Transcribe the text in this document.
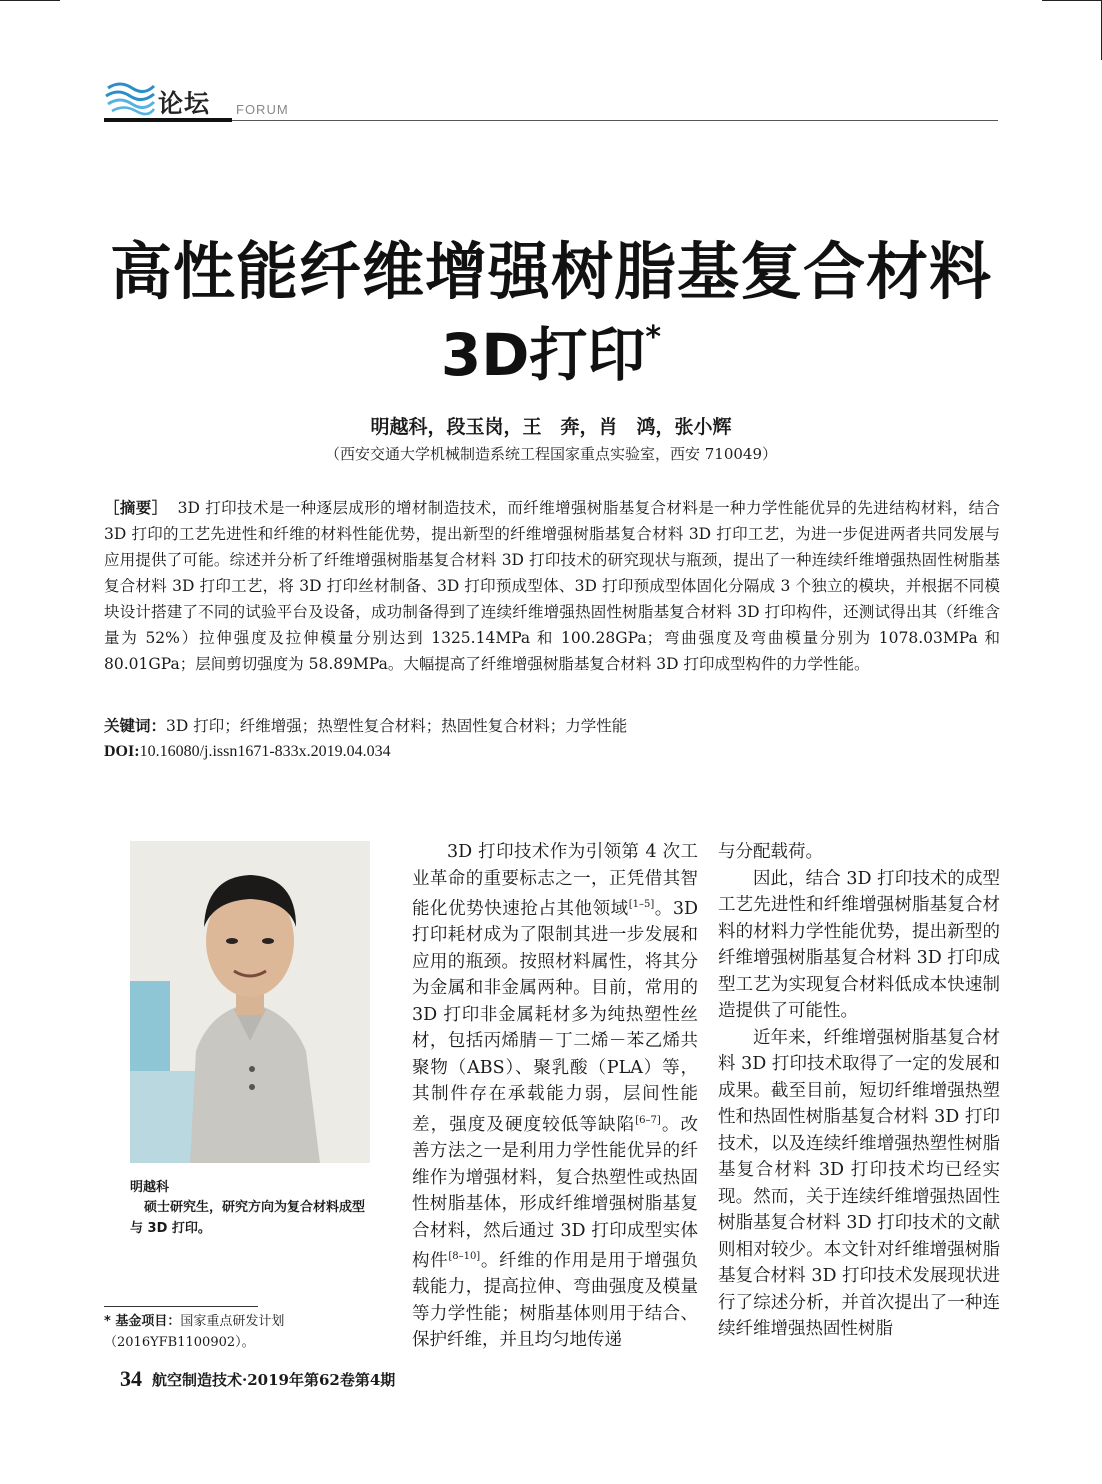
论坛 FORUM
高性能纤维增强树脂基复合材料
3D打印*
明越科，段玉岗，王　奔，肖　鸿，张小辉
（西安交通大学机械制造系统工程国家重点实验室，西安 710049）
［摘要］ 3D 打印技术是一种逐层成形的增材制造技术，而纤维增强树脂基复合材料是一种力学性能优异的先进结构材料，结合 3D 打印的工艺先进性和纤维的材料性能优势，提出新型的纤维增强树脂基复合材料 3D 打印工艺，为进一步促进两者共同发展与应用提供了可能。综述并分析了纤维增强树脂基复合材料 3D 打印技术的研究现状与瓶颈，提出了一种连续纤维增强热固性树脂基复合材料 3D 打印工艺，将 3D 打印丝材制备、3D 打印预成型体、3D 打印预成型体固化分隔成 3 个独立的模块，并根据不同模块设计搭建了不同的试验平台及设备，成功制备得到了连续纤维增强热固性树脂基复合材料 3D 打印构件，还测试得出其（纤维含量为 52%）拉伸强度及拉伸模量分别达到 1325.14MPa 和 100.28GPa；弯曲强度及弯曲模量分别为 1078.03MPa 和 80.01GPa；层间剪切强度为 58.89MPa。大幅提高了纤维增强树脂基复合材料 3D 打印成型构件的力学性能。
关键词：3D 打印；纤维增强；热塑性复合材料；热固性复合材料；力学性能
DOI:10.16080/j.issn1671-833x.2019.04.034
明越科
硕士研究生，研究方向为复合材料成型与 3D 打印。
* 基金项目：国家重点研发计划（2016YFB1100902）。

3D 打印技术作为引领第 4 次工业革命的重要标志之一，正凭借其智能化优势快速抢占其他领域[1–5]。3D 打印耗材成为了限制其进一步发展和应用的瓶颈。按照材料属性，将其分为金属和非金属两种。目前，常用的 3D 打印非金属耗材多为纯热塑性丝材，包括丙烯腈－丁二烯－苯乙烯共聚物（ABS）、聚乳酸（PLA）等，其制件存在承载能力弱，层间性能差，强度及硬度较低等缺陷[6–7]。改善方法之一是利用力学性能优异的纤维作为增强材料，复合热塑性或热固性树脂基体，形成纤维增强树脂基复合材料，然后通过 3D 打印成型实体构件[8–10]。纤维的作用是用于增强负载能力，提高拉伸、弯曲强度及模量等力学性能；树脂基体则用于结合、保护纤维，并且均匀地传递

与分配载荷。

因此，结合 3D 打印技术的成型工艺先进性和纤维增强树脂基复合材料的材料力学性能优势，提出新型的纤维增强树脂基复合材料 3D 打印成型工艺为实现复合材料低成本快速制造提供了可能性。

近年来，纤维增强树脂基复合材料 3D 打印技术取得了一定的发展和成果。截至目前，短切纤维增强热塑性和热固性树脂基复合材料 3D 打印技术，以及连续纤维增强热塑性树脂基复合材料 3D 打印技术均已经实现。然而，关于连续纤维增强热固性树脂基复合材料 3D 打印技术的文献则相对较少。本文针对纤维增强树脂基复合材料 3D 打印技术发展现状进行了综述分析，并首次提出了一种连续纤维增强热固性树脂

34 航空制造技术·2019年第62卷第4期
